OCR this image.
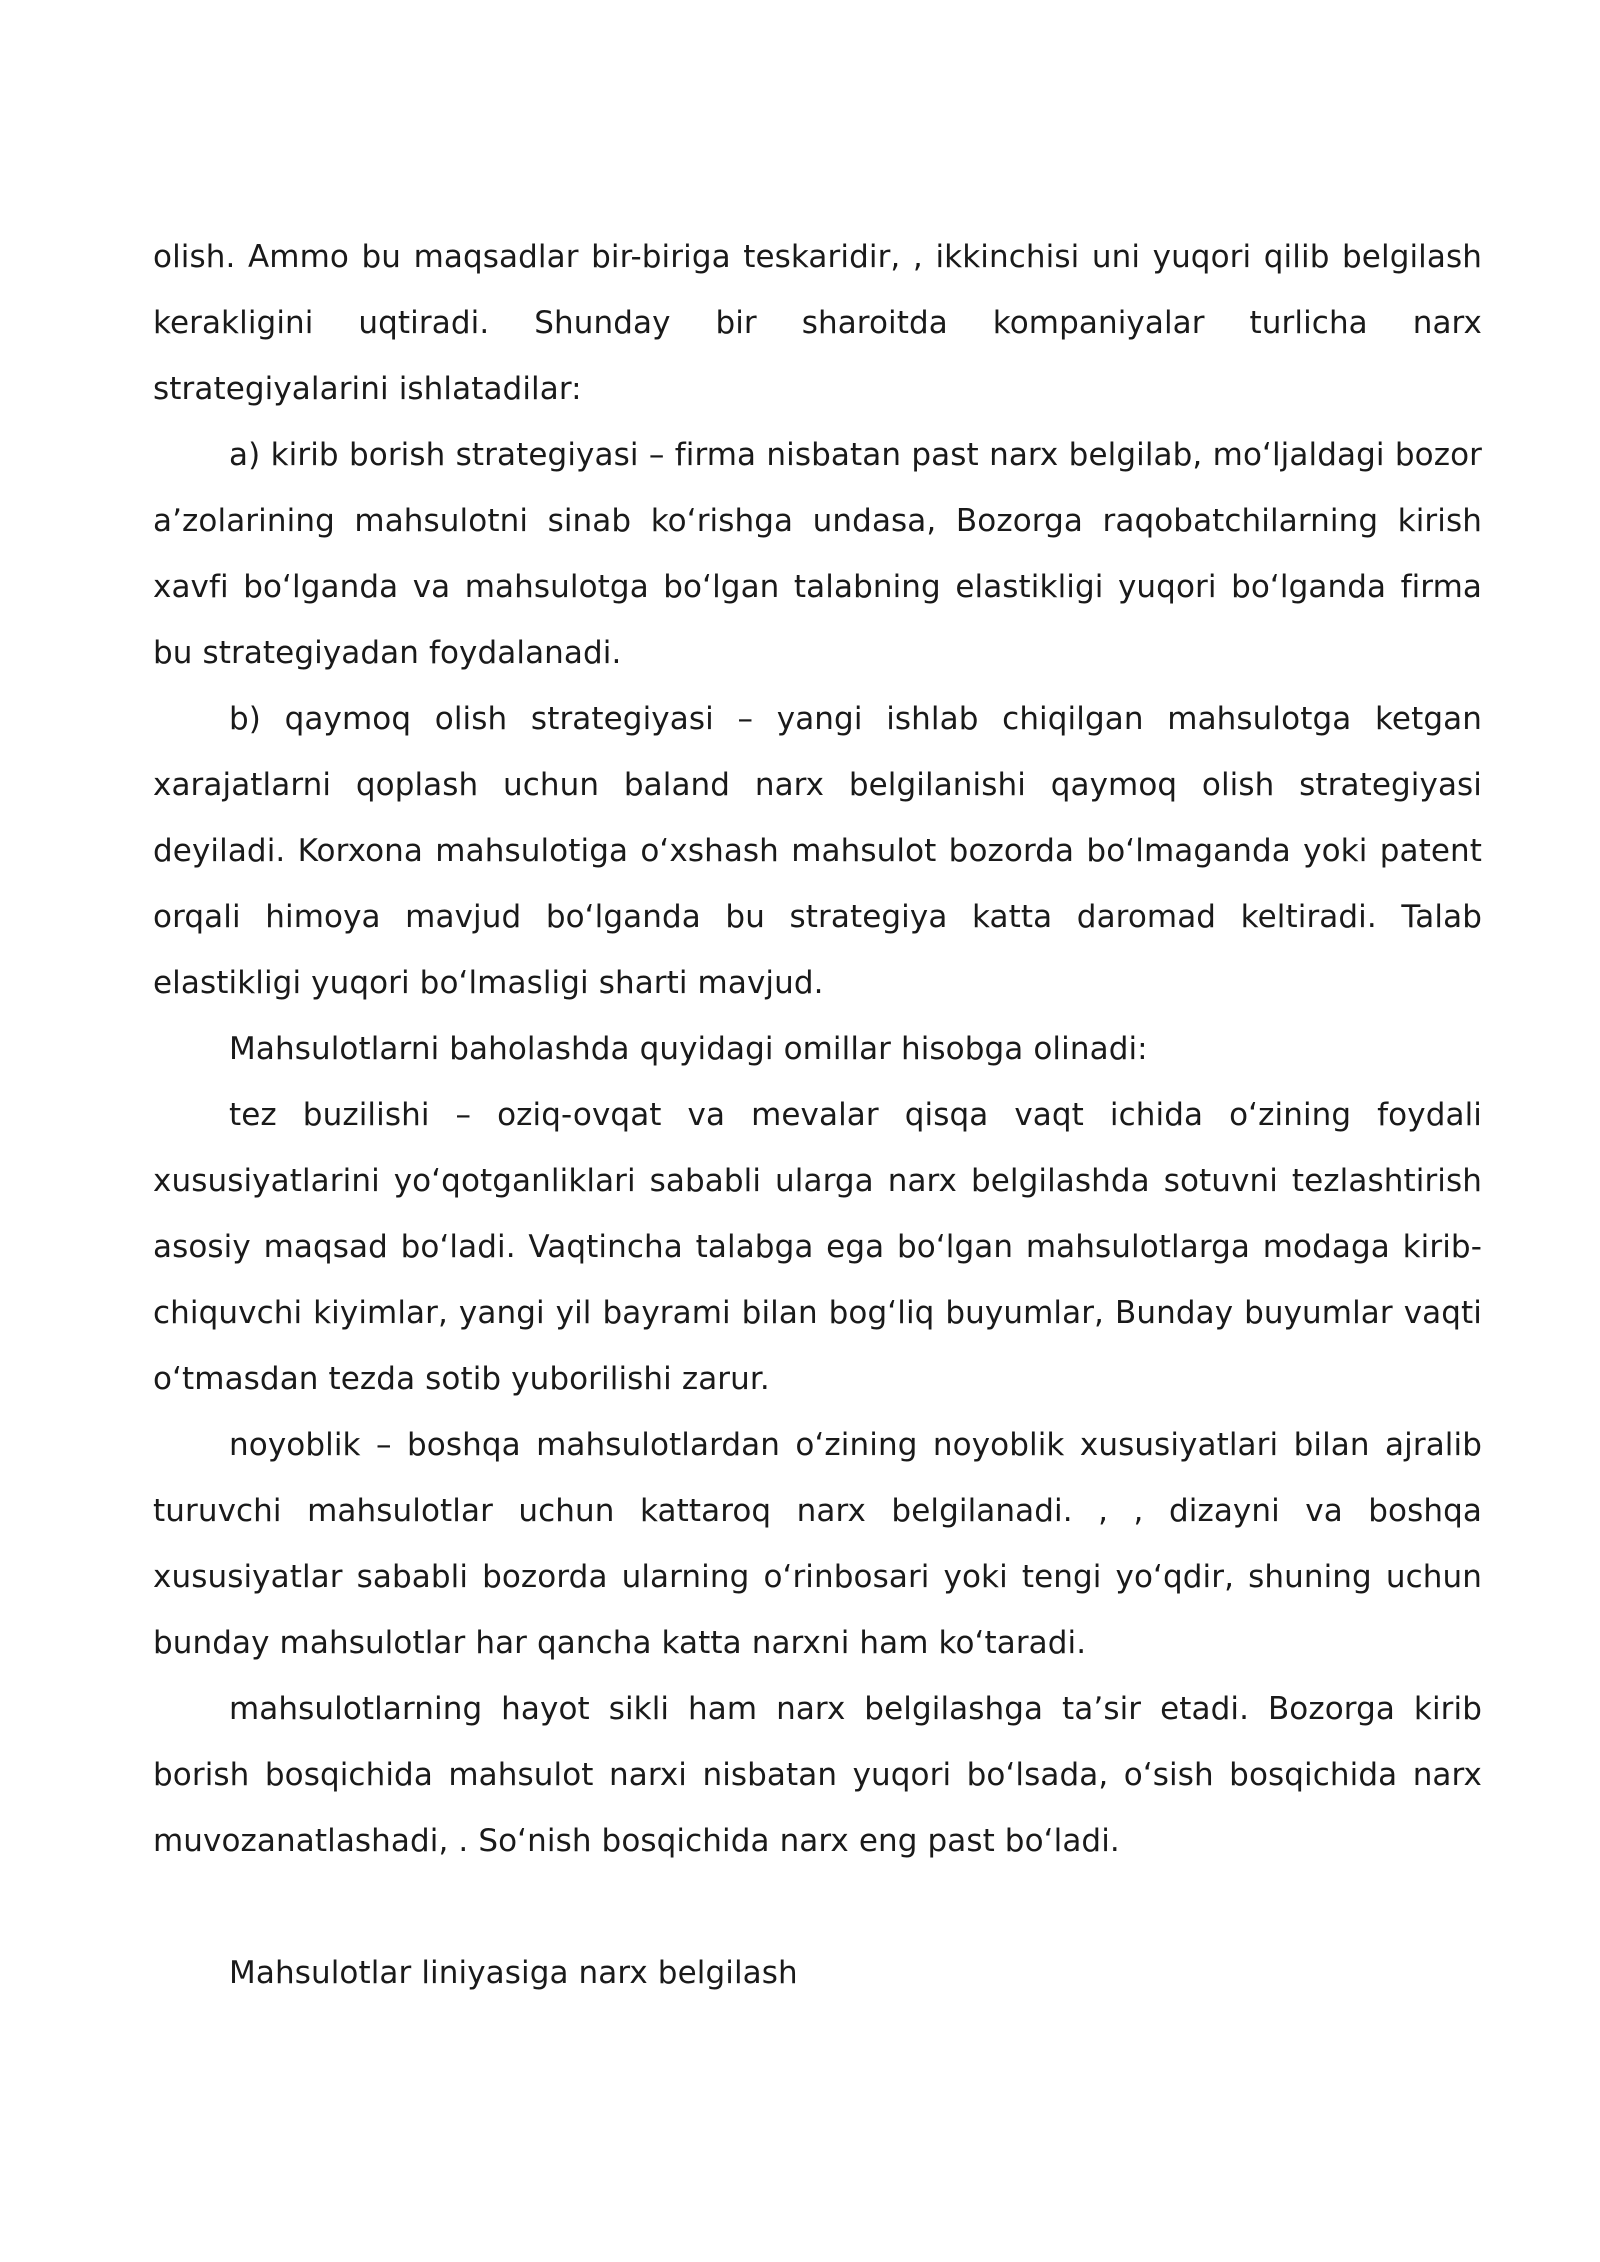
olish. Ammo bu maqsadlar bir-biriga teskaridir, , ikkinchisi uni yuqori qilib belgilash kerakligini uqtiradi. Shunday bir sharoitda kompaniyalar turlicha narx strategiyalarini ishlatadilar:

a) kirib borish strategiyasi – firma nisbatan past narx belgilab, mo‘ljaldagi bozor a’zolarining mahsulotni sinab ko‘rishga undasa, Bozorga raqobatchilarning kirish xavfi bo‘lganda va mahsulotga bo‘lgan talabning elastikligi yuqori bo‘lganda firma bu strategiyadan foydalanadi.

b) qaymoq olish strategiyasi – yangi ishlab chiqilgan mahsulotga ketgan xarajatlarni qoplash uchun baland narx belgilanishi qaymoq olish strategiyasi deyiladi. Korxona mahsulotiga o‘xshash mahsulot bozorda bo‘lmaganda yoki patent orqali himoya mavjud bo‘lganda bu strategiya katta daromad keltiradi. Talab elastikligi yuqori bo‘lmasligi sharti mavjud.

Mahsulotlarni baholashda quyidagi omillar hisobga olinadi:

tez buzilishi – oziq-ovqat va mevalar qisqa vaqt ichida o‘zining foydali xususiyatlarini yo‘qotganliklari sababli ularga narx belgilashda sotuvni tezlashtirish asosiy maqsad bo‘ladi. Vaqtincha talabga ega bo‘lgan mahsulotlarga modaga kirib-chiquvchi kiyimlar, yangi yil bayrami bilan bog‘liq buyumlar, Bunday buyumlar vaqti o‘tmasdan tezda sotib yuborilishi zarur.

noyoblik – boshqa mahsulotlardan o‘zining noyoblik xususiyatlari bilan ajralib turuvchi mahsulotlar uchun kattaroq narx belgilanadi. , , dizayni va boshqa xususiyatlar sababli bozorda ularning o‘rinbosari yoki tengi yo‘qdir, shuning uchun bunday mahsulotlar har qancha katta narxni ham ko‘taradi.

mahsulotlarning hayot sikli ham narx belgilashga ta’sir etadi. Bozorga kirib borish bosqichida mahsulot narxi nisbatan yuqori bo‘lsada, o‘sish bosqichida narx muvozanatlashadi, . So‘nish bosqichida narx eng past bo‘ladi.

Mahsulotlar liniyasiga narx belgilash
